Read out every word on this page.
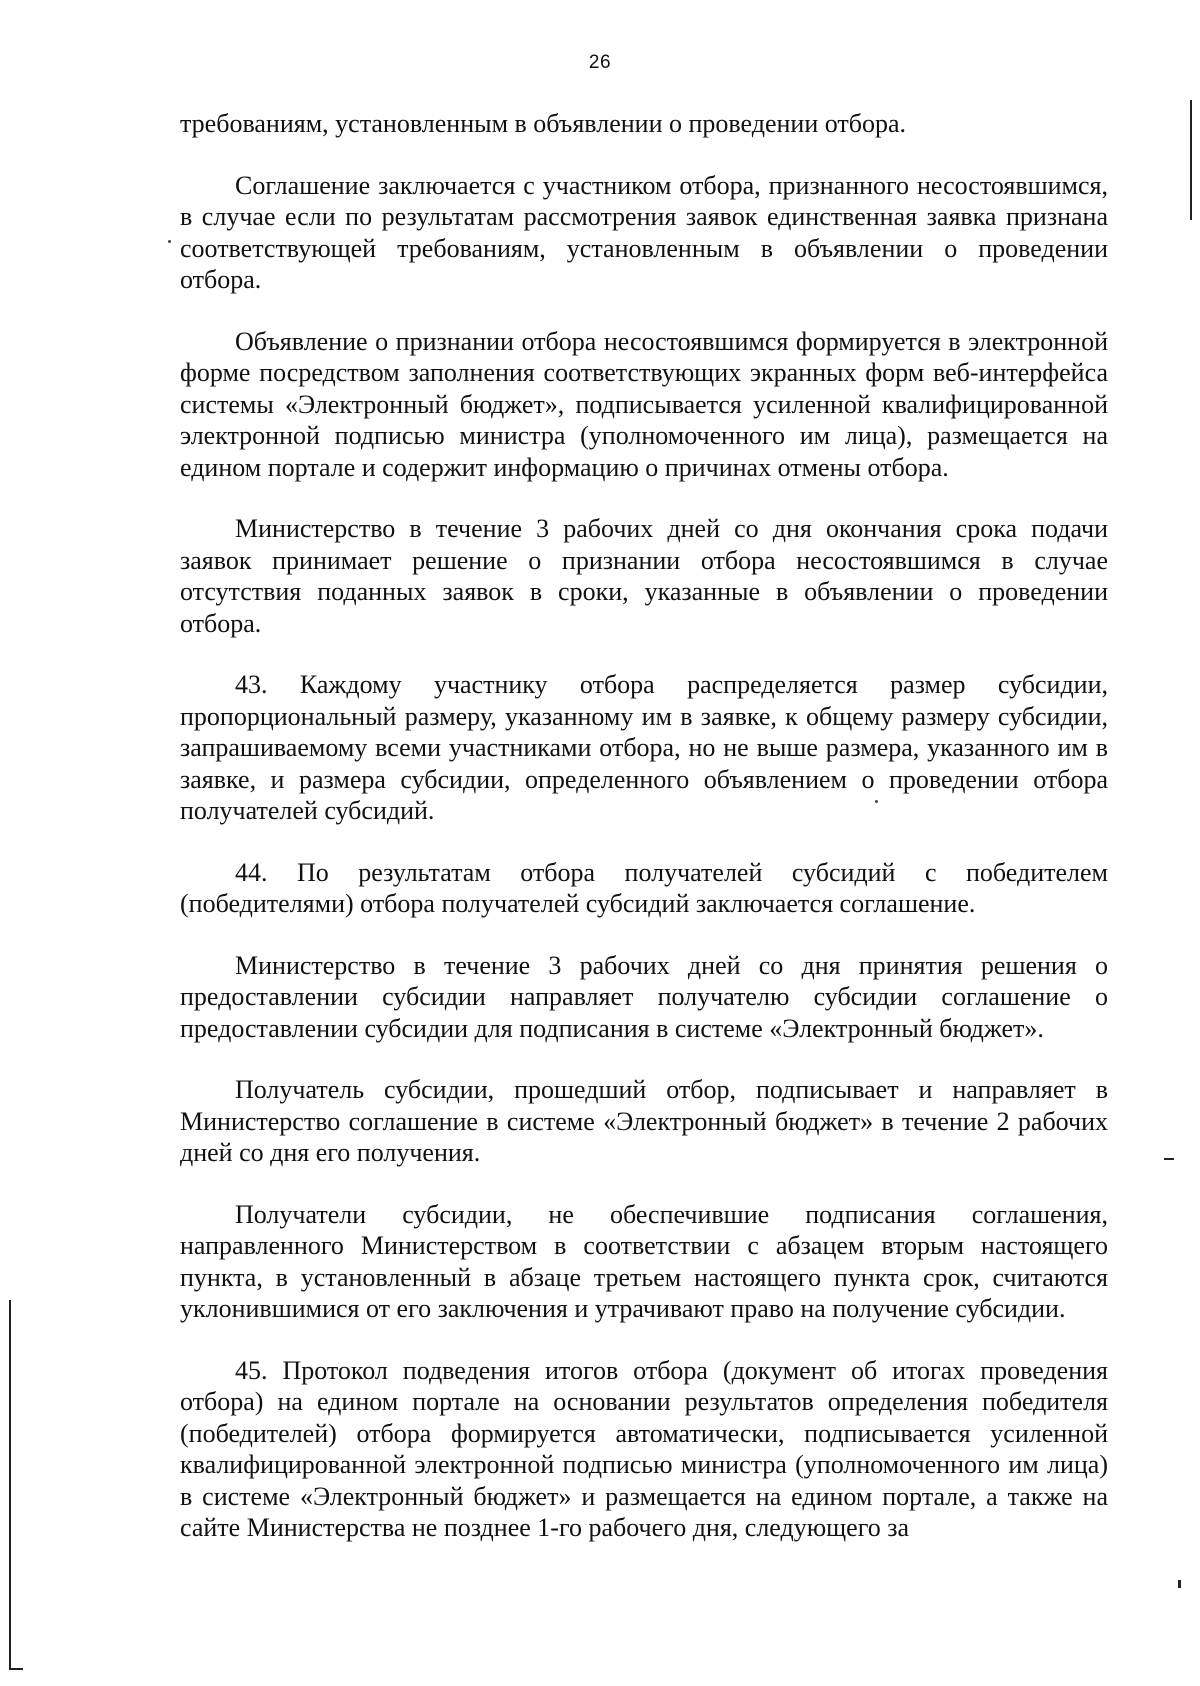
26

требованиям, установленным в объявлении о проведении отбора.

Соглашение заключается с участником отбора, признанного несостоявшимся, в случае если по результатам рассмотрения заявок единственная заявка признана соответствующей требованиям, установленным в объявлении о проведении отбора.

Объявление о признании отбора несостоявшимся формируется в электронной форме посредством заполнения соответствующих экранных форм веб-интерфейса системы «Электронный бюджет», подписывается усиленной квалифицированной электронной подписью министра (уполномоченного им лица), размещается на едином портале и содержит информацию о причинах отмены отбора.

Министерство в течение 3 рабочих дней со дня окончания срока подачи заявок принимает решение о признании отбора несостоявшимся в случае отсутствия поданных заявок в сроки, указанные в объявлении о проведении отбора.

43. Каждому участнику отбора распределяется размер субсидии, пропорциональный размеру, указанному им в заявке, к общему размеру субсидии, запрашиваемому всеми участниками отбора, но не выше размера, указанного им в заявке, и размера субсидии, определенного объявлением о проведении отбора получателей субсидий.

44. По результатам отбора получателей субсидий с победителем (победителями) отбора получателей субсидий заключается соглашение.

Министерство в течение 3 рабочих дней со дня принятия решения о предоставлении субсидии направляет получателю субсидии соглашение о предоставлении субсидии для подписания в системе «Электронный бюджет».

Получатель субсидии, прошедший отбор, подписывает и направляет в Министерство соглашение в системе «Электронный бюджет» в течение 2 рабочих дней со дня его получения.

Получатели субсидии, не обеспечившие подписания соглашения, направленного Министерством в соответствии с абзацем вторым настоящего пункта, в установленный в абзаце третьем настоящего пункта срок, считаются уклонившимися от его заключения и утрачивают право на получение субсидии.

45. Протокол подведения итогов отбора (документ об итогах проведения отбора) на едином портале на основании результатов определения победителя (победителей) отбора формируется автоматически, подписывается усиленной квалифицированной электронной подписью министра (уполномоченного им лица) в системе «Электронный бюджет» и размещается на едином портале, а также на сайте Министерства не позднее 1-го рабочего дня, следующего за
